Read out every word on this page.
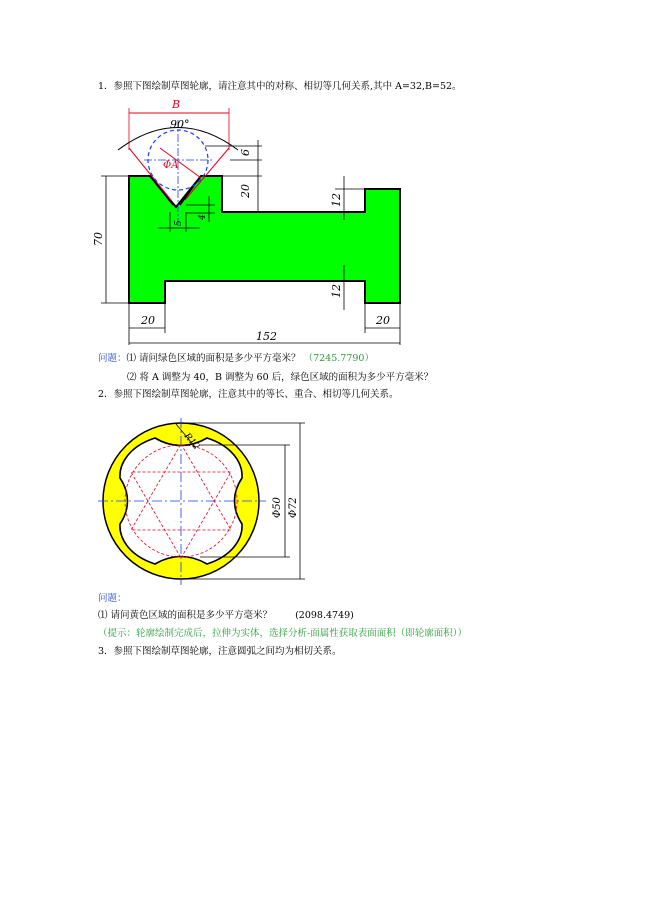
1．参照下图绘制草图轮廓，请注意其中的对称、相切等几何关系,其中 A=32,B=52。
B
90°
ΦA
6
20
12
12
70
4
5
20	20
152
问题：⑴ 请问绿色区域的面积是多少平方毫米？ （7245.7790）
⑵ 将 A 调整为 40，B 调整为 60 后，绿色区域的面积为多少平方毫米？
2．参照下图绘制草图轮廓，注意其中的等长、重合、相切等几何关系。
R12
Φ50 Φ72
问题：
⑴ 请问黄色区域的面积是多少平方毫米？ (2098.4749)
（提示：轮廓绘制完成后，拉伸为实体，选择分析-面属性获取表面面积（即轮廓面积））
3．参照下图绘制草图轮廓，注意圆弧之间均为相切关系。
